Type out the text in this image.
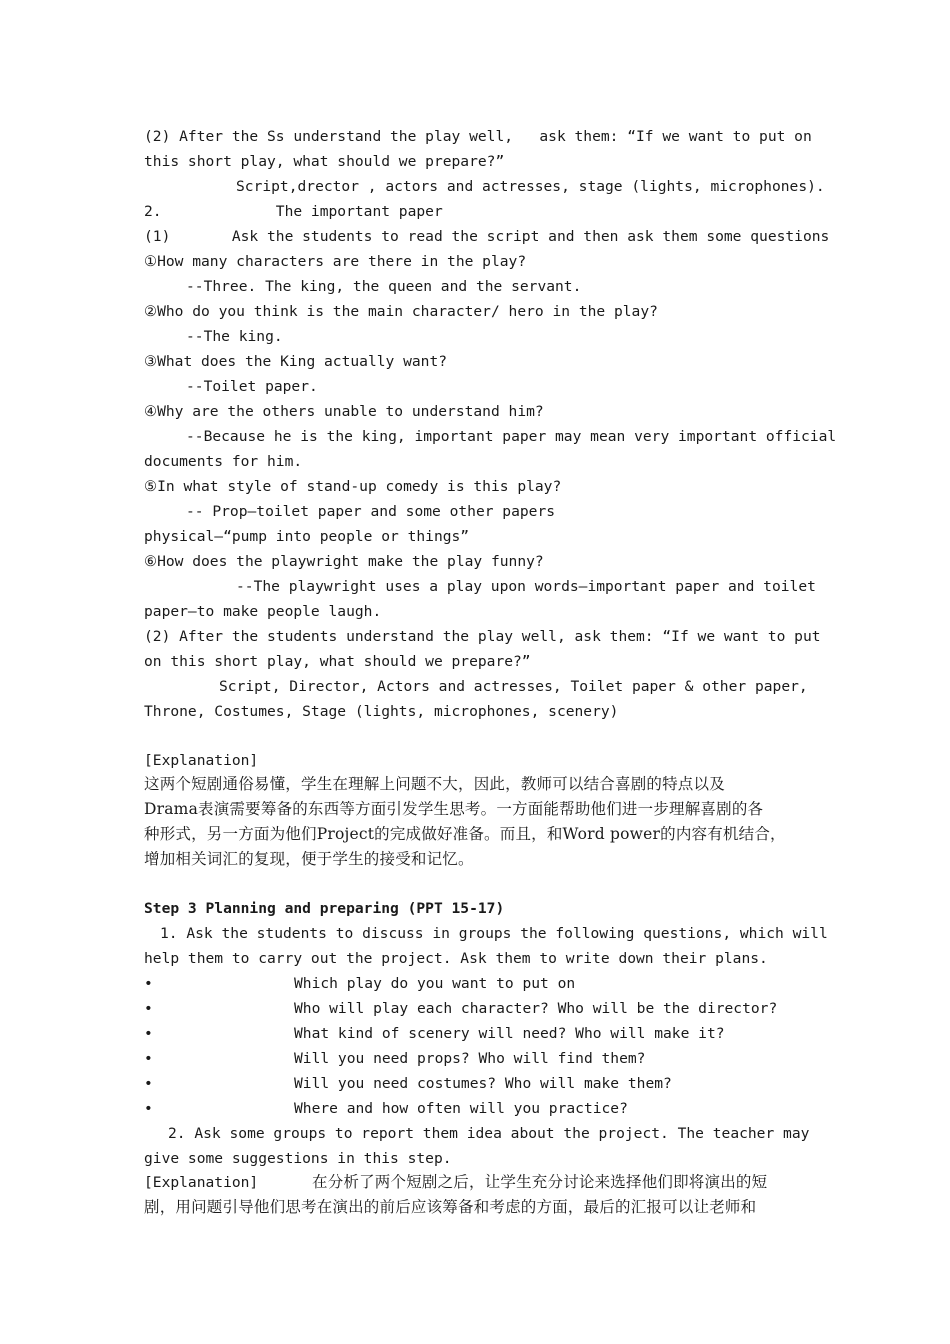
(2) After the Ss understand the play well,   ask them: “If we want to put on
this short play, what should we prepare?”
Script,drector , actors and actresses, stage (lights, microphones).
2.             The important paper
(1)       Ask the students to read the script and then ask them some questions
①How many characters are there in the play?
--Three. The king, the queen and the servant.
②Who do you think is the main character/ hero in the play?
--The king.
③What does the King actually want?
--Toilet paper.
④Why are the others unable to understand him?
--Because he is the king, important paper may mean very important official
documents for him.
⑤In what style of stand-up comedy is this play?
-- Prop—toilet paper and some other papers
physical—“pump into people or things”
⑥How does the playwright make the play funny?
--The playwright uses a play upon words—important paper and toilet
paper—to make people laugh.
(2) After the students understand the play well, ask them: “If we want to put
on this short play, what should we prepare?”
Script, Director, Actors and actresses, Toilet paper & other paper,
Throne, Costumes, Stage (lights, microphones, scenery)
[Explanation]
这两个短剧通俗易懂，学生在理解上问题不大，因此，教师可以结合喜剧的特点以及
Drama表演需要筹备的东西等方面引发学生思考。一方面能帮助他们进一步理解喜剧的各
种形式，另一方面为他们Project的完成做好准备。而且，和Word power的内容有机结合，
增加相关词汇的复现，便于学生的接受和记忆。
Step 3 Planning and preparing (PPT 15-17)
1. Ask the students to discuss in groups the following questions, which will
help them to carry out the project. Ask them to write down their plans.
•	Which play do you want to put on
•	Who will play each character? Who will be the director?
•	What kind of scenery will need? Who will make it?
•	Will you need props? Who will find them?
•	Will you need costumes? Who will make them?
•	Where and how often will you practice?
2. Ask some groups to report them idea about the project. The teacher may
give some suggestions in this step.
[Explanation]	在分析了两个短剧之后，让学生充分讨论来选择他们即将演出的短
剧，用问题引导他们思考在演出的前后应该筹备和考虑的方面，最后的汇报可以让老师和
